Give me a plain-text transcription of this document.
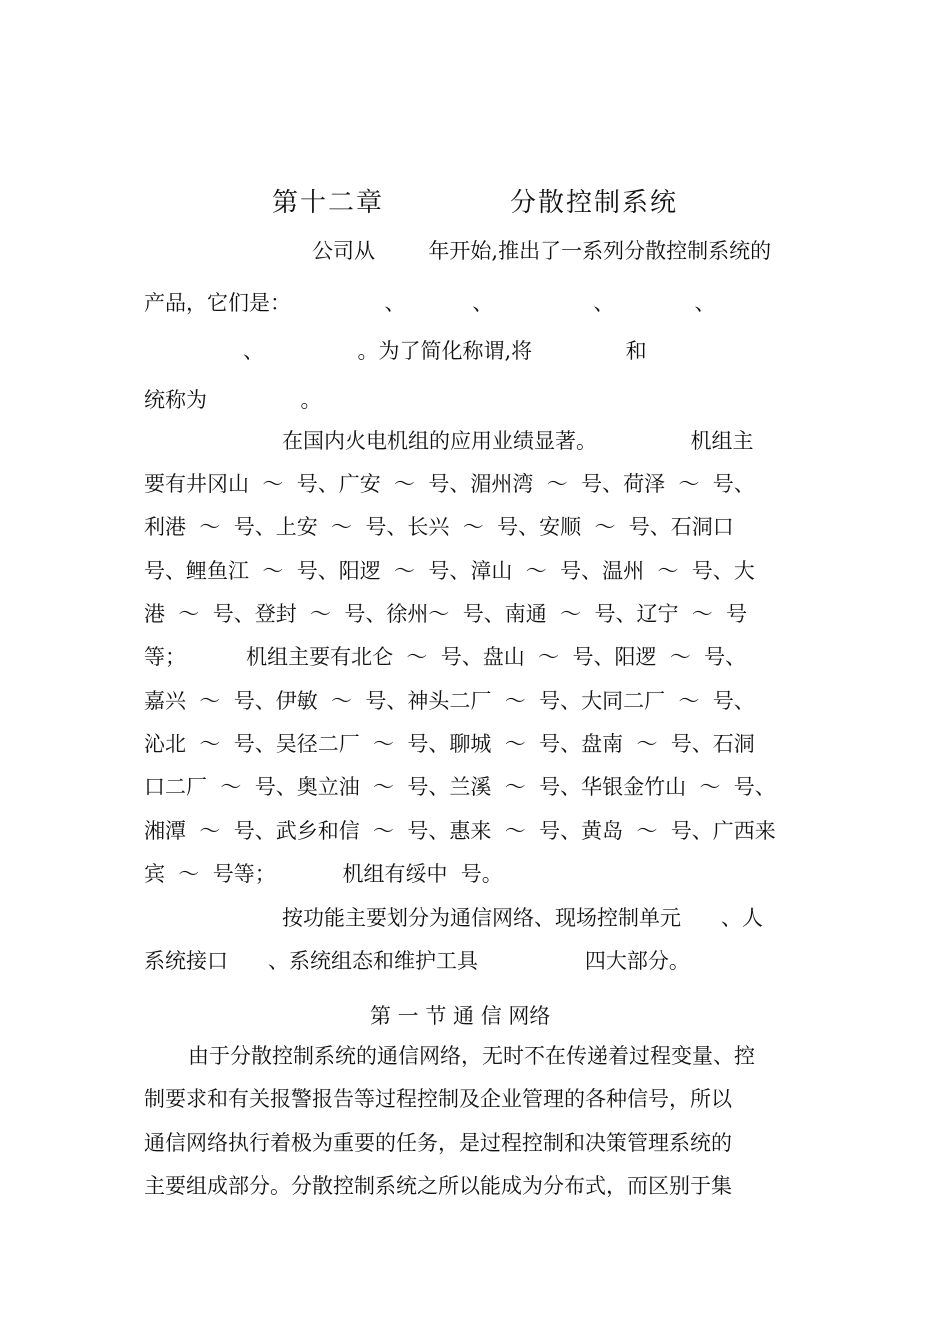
第十二章	分散控制系统
公司从        年开始,推出了一系列分散控制系统的
产品，它们是：              、          、               、            、
、              。为了简化称谓,将              和
统称为              。
在国内火电机组的应用业绩显著。              机组主
要有井冈山  ～  号、广安  ～  号、湄州湾  ～  号、荷泽  ～  号、
利港  ～  号、上安  ～  号、长兴  ～  号、安顺  ～  号、石洞口
号、鲤鱼江  ～  号、阳逻  ～  号、漳山  ～  号、温州  ～  号、大
港  ～  号、登封  ～  号、徐州～  号、南通  ～  号、辽宁  ～  号
等；         机组主要有北仑  ～  号、盘山  ～  号、阳逻  ～  号、
嘉兴  ～  号、伊敏  ～  号、神头二厂  ～  号、大同二厂  ～  号、
沁北  ～  号、吴径二厂  ～  号、聊城  ～  号、盘南  ～  号、石洞
口二厂  ～  号、奥立油  ～  号、兰溪  ～  号、华银金竹山  ～  号、
湘潭  ～  号、武乡和信  ～  号、惠来  ～  号、黄岛  ～  号、广西来
宾  ～  号等；          机组有绥中  号。
按功能主要划分为通信网络、现场控制单元      、人
系统接口      、系统组态和维护工具                四大部分。
第 一 节 通 信 网络
由于分散控制系统的通信网络，无时不在传递着过程变量、控
制要求和有关报警报告等过程控制及企业管理的各种信号，所以
通信网络执行着极为重要的任务，是过程控制和决策管理系统的
主要组成部分。分散控制系统之所以能成为分布式，而区别于集
